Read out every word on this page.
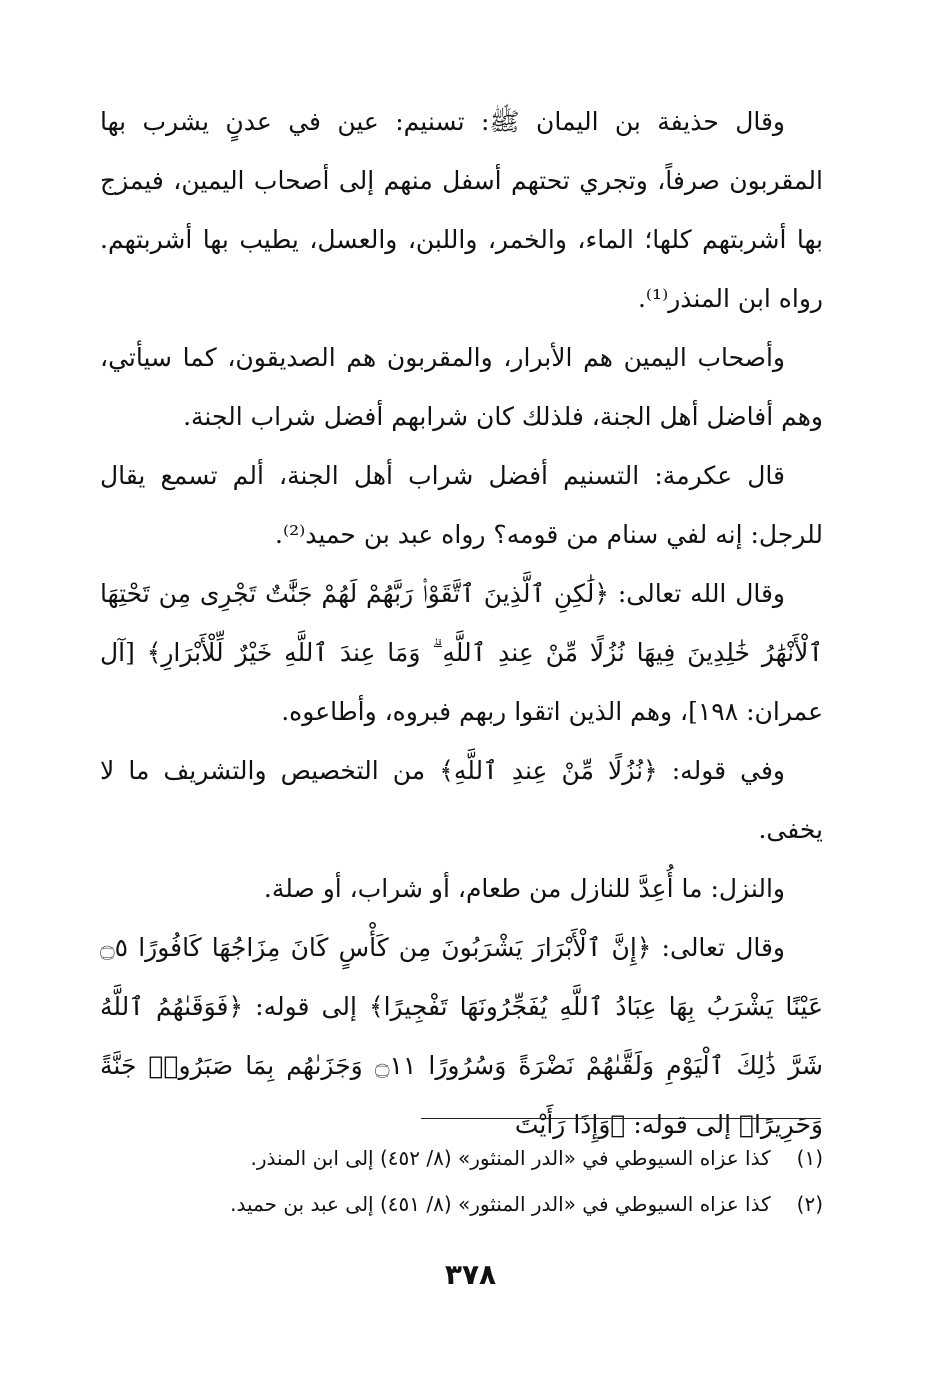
وقال حذيفة بن اليمان ﷺ: تسنيم: عين في عدنٍ يشرب بها المقربون صرفاً، وتجري تحتهم أسفل منهم إلى أصحاب اليمين، فيمزج بها أشربتهم كلها؛ الماء، والخمر، واللبن، والعسل، يطيب بها أشربتهم. رواه ابن المنذر⁽¹⁾.

وأصحاب اليمين هم الأبرار، والمقربون هم الصديقون، كما سيأتي، وهم أفاضل أهل الجنة، فلذلك كان شرابهم أفضل شراب الجنة.

قال عكرمة: التسنيم أفضل شراب أهل الجنة، ألم تسمع يقال للرجل: إنه لفي سنام من قومه؟ رواه عبد بن حميد⁽²⁾.

وقال الله تعالى: ﴿لَٰكِنِ ٱلَّذِينَ ٱتَّقَوْا۟ رَبَّهُمْ لَهُمْ جَنَّٰتٌ تَجْرِى مِن تَحْتِهَا ٱلْأَنْهَٰرُ خَٰلِدِينَ فِيهَا نُزُلًا مِّنْ عِندِ ٱللَّهِ ۗ وَمَا عِندَ ٱللَّهِ خَيْرٌ لِّلْأَبْرَارِ﴾ [آل عمران: ١٩٨]، وهم الذين اتقوا ربهم فبروه، وأطاعوه.

وفي قوله: ﴿نُزُلًا مِّنْ عِندِ ٱللَّهِ﴾ من التخصيص والتشريف ما لا يخفى.

والنزل: ما أُعِدَّ للنازل من طعام، أو شراب، أو صلة.

وقال تعالى: ﴿إِنَّ ٱلْأَبْرَارَ يَشْرَبُونَ مِن كَأْسٍ كَانَ مِزَاجُهَا كَافُورًا ۝٥ عَيْنًا يَشْرَبُ بِهَا عِبَادُ ٱللَّهِ يُفَجِّرُونَهَا تَفْجِيرًا﴾ إلى قوله: ﴿فَوَقَىٰهُمُ ٱللَّهُ شَرَّ ذَٰلِكَ ٱلْيَوْمِ وَلَقَّىٰهُمْ نَضْرَةً وَسُرُورًا ۝١١ وَجَزَىٰهُم بِمَا صَبَرُوا۟ جَنَّةً وَحَرِيرًا﴾ إلى قوله: ﴿وَإِذَا رَأَيْتَ

(١) كذا عزاه السيوطي في «الدر المنثور» (٨/ ٤٥٢) إلى ابن المنذر.
(٢) كذا عزاه السيوطي في «الدر المنثور» (٨/ ٤٥١) إلى عبد بن حميد.
٣٧٨
